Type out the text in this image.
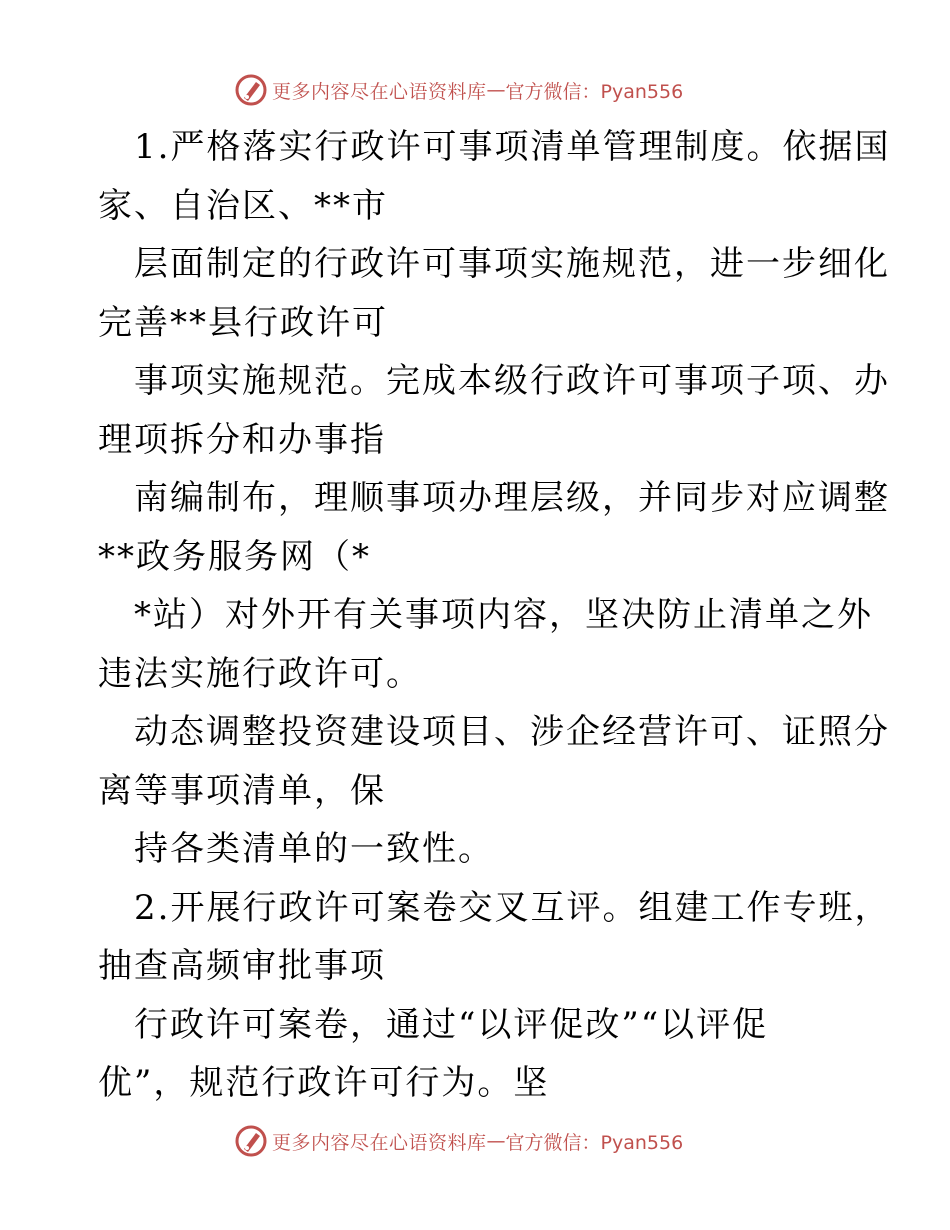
更多内容尽在心语资料库 — 官方微信：Pyan556
1.严格落实行政许可事项清单管理制度。依据国
家、自治区、**市
层面制定的行政许可事项实施规范，进一步细化
完善**县行政许可
事项实施规范。完成本级行政许可事项子项、办
理项拆分和办事指
南编制布，理顺事项办理层级，并同步对应调整
**政务服务网（*
*站）对外开有关事项内容，坚决防止清单之外
违法实施行政许可。
动态调整投资建设项目、涉企经营许可、证照分
离等事项清单，保
持各类清单的一致性。
2.开展行政许可案卷交叉互评。组建工作专班，
抽查高频审批事项
行政许可案卷，通过“以评促改”“以评促
优”，规范行政许可行为。坚
更多内容尽在心语资料库 — 官方微信：Pyan556
